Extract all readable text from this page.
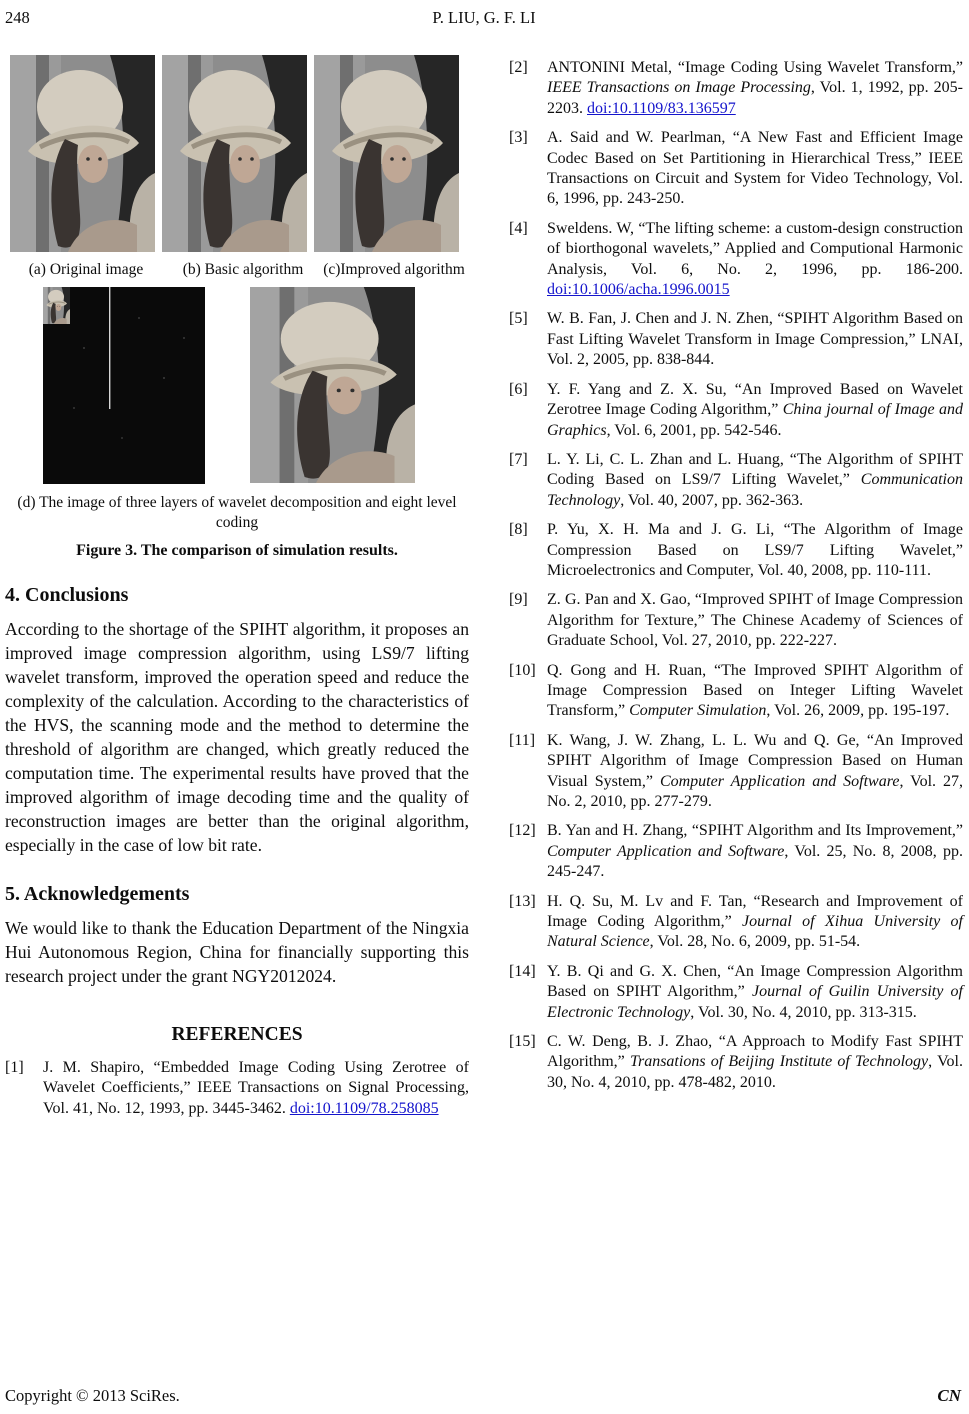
248	P. LIU, G. F. LI
(a) Original image	(b) Basic algorithm	(c)Improved algorithm
(d) The image of three layers of wavelet decomposition and eight level coding
Figure 3. The comparison of simulation results.
4. Conclusions

According to the shortage of the SPIHT algorithm, it proposes an improved image compression algorithm, using LS9/7 lifting wavelet transform, improved the operation speed and reduce the complexity of the calculation. According to the characteristics of the HVS, the scanning mode and the method to determine the threshold of algorithm are changed, which greatly reduced the computation time. The experimental results have proved that the improved algorithm of image decoding time and the quality of reconstruction images are better than the original algorithm, especially in the case of low bit rate.

5. Acknowledgements

We would like to thank the Education Department of the Ningxia Hui Autonomous Region, China for financially supporting this research project under the grant NGY2012024.

REFERENCES
[1]	J. M. Shapiro, “Embedded Image Coding Using Zerotree of Wavelet Coefficients,” IEEE Transactions on Signal Processing, Vol. 41, No. 12, 1993, pp. 3445-3462. doi:10.1109/78.258085
[2]	ANTONINI Metal, “Image Coding Using Wavelet Transform,” IEEE Transactions on Image Processing, Vol. 1, 1992, pp. 205-2203. doi:10.1109/83.136597
[3]	A. Said and W. Pearlman, “A New Fast and Efficient Image Codec Based on Set Partitioning in Hierarchical Tress,” IEEE Transactions on Circuit and System for Video Technology, Vol. 6, 1996, pp. 243-250.
[4]	Sweldens. W, “The lifting scheme: a custom-design construction of biorthogonal wavelets,” Applied and Computional Harmonic Analysis, Vol. 6, No. 2, 1996, pp. 186-200. doi:10.1006/acha.1996.0015
[5]	W. B. Fan, J. Chen and J. N. Zhen, “SPIHT Algorithm Based on Fast Lifting Wavelet Transform in Image Compression,” LNAI, Vol. 2, 2005, pp. 838-844.
[6]	Y. F. Yang and Z. X. Su, “An Improved Based on Wavelet Zerotree Image Coding Algorithm,” China journal of Image and Graphics, Vol. 6, 2001, pp. 542-546.
[7]	L. Y. Li, C. L. Zhan and L. Huang, “The Algorithm of SPIHT Coding Based on LS9/7 Lifting Wavelet,” Communication Technology, Vol. 40, 2007, pp. 362-363.
[8]	P. Yu, X. H. Ma and J. G. Li, “The Algorithm of Image Compression Based on LS9/7 Lifting Wavelet,” Microelectronics and Computer, Vol. 40, 2008, pp. 110-111.
[9]	Z. G. Pan and X. Gao, “Improved SPIHT of Image Compression Algorithm for Texture,” The Chinese Academy of Sciences of Graduate School, Vol. 27, 2010, pp. 222-227.
[10] Q. Gong and H. Ruan, “The Improved SPIHT Algorithm of Image Compression Based on Integer Lifting Wavelet Transform,” Computer Simulation, Vol. 26, 2009, pp. 195-197.
[11] K. Wang, J. W. Zhang, L. L. Wu and Q. Ge, “An Improved SPIHT Algorithm of Image Compression Based on Human Visual System,” Computer Application and Software, Vol. 27, No. 2, 2010, pp. 277-279.
[12] B. Yan and H. Zhang, “SPIHT Algorithm and Its Improvement,” Computer Application and Software, Vol. 25, No. 8, 2008, pp. 245-247.
[13] H. Q. Su, M. Lv and F. Tan, “Research and Improvement of Image Coding Algorithm,” Journal of Xihua University of Natural Science, Vol. 28, No. 6, 2009, pp. 51-54.
[14] Y. B. Qi and G. X. Chen, “An Image Compression Algorithm Based on SPIHT Algorithm,” Journal of Guilin University of Electronic Technology, Vol. 30, No. 4, 2010, pp. 313-315.
[15] C. W. Deng, B. J. Zhao, “A Approach to Modify Fast SPIHT Algorithm,” Transations of Beijing Institute of Technology, Vol. 30, No. 4, 2010, pp. 478-482, 2010.
Copyright © 2013 SciRes.	CN
